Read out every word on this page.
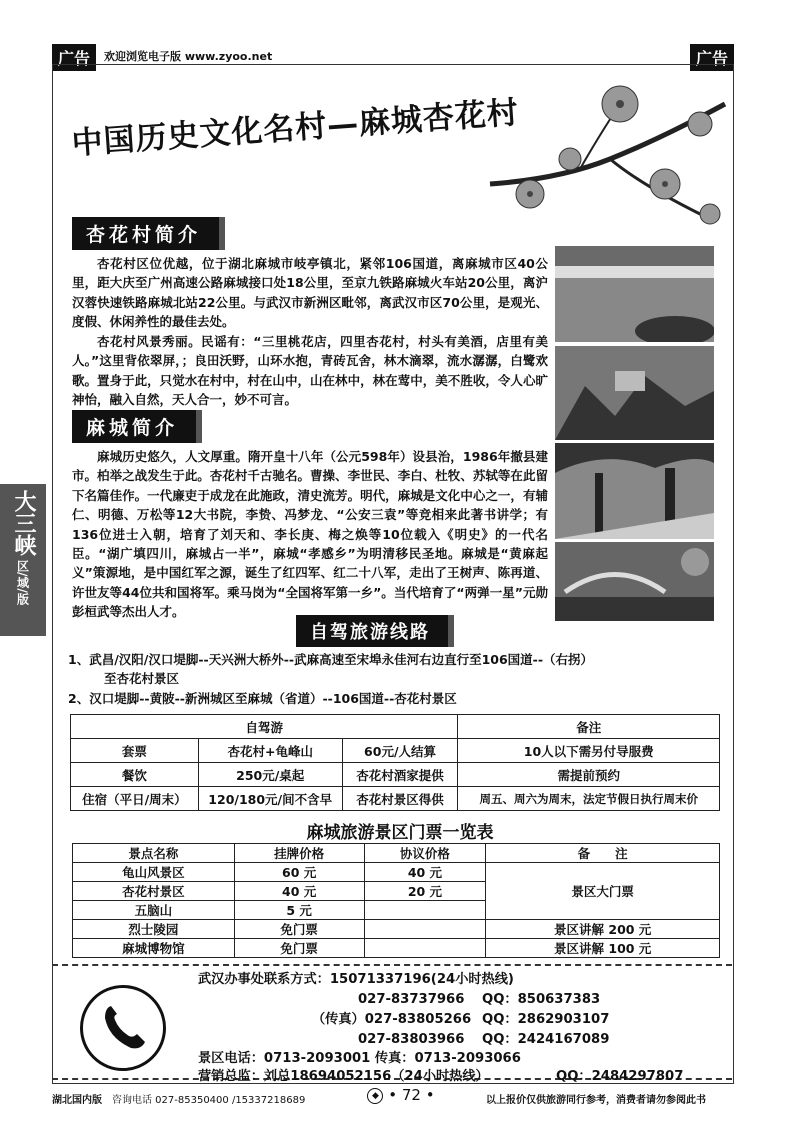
广告	欢迎浏览电子版 www.zyoo.net	广告
中国历史文化名村—麻城杏花村
杏花村简介
杏花村区位优越，位于湖北麻城市岐亭镇北，紧邻106国道，离麻城市区40公里，距大庆至广州高速公路麻城接口处18公里，至京九铁路麻城火车站20公里，离沪汉蓉快速铁路麻城北站22公里。与武汉市新洲区毗邻，离武汉市区70公里，是观光、度假、休闲养性的最佳去处。
杏花村风景秀丽。民谣有：“三里桃花店，四里杏花村，村头有美酒，店里有美人。”这里背依翠屏，；良田沃野，山环水抱，青砖瓦舍，林木滴翠，流水潺潺，白鹭欢歌。置身于此，只觉水在村中，村在山中，山在林中，林在莺中，美不胜收，令人心旷神怡，融入自然，天人合一，妙不可言。
麻城简介
麻城历史悠久，人文厚重。隋开皇十八年（公元598年）设县治，1986年撤县建市。柏举之战发生于此。杏花村千古驰名。曹操、李世民、李白、杜牧、苏轼等在此留下名篇佳作。一代廉吏于成龙在此施政，清史流芳。明代，麻城是文化中心之一，有辅仁、明德、万松等12大书院，李贽、冯梦龙、“公安三袁”等竞相来此著书讲学；有136位进士入朝，培育了刘天和、李长庚、梅之焕等10位载入《明史》的一代名臣。“湖广填四川，麻城占一半”，麻城“孝感乡”为明清移民圣地。麻城是“黄麻起义”策源地，是中国红军之源，诞生了红四军、红二十八军，走出了王树声、陈再道、许世友等44位共和国将军。乘马岗为“全国将军第一乡”。当代培育了“两弹一星”元勋彭桓武等杰出人才。
大三峡
区/域/版
自驾旅游线路
1、武昌/汉阳/汉口堤脚--天兴洲大桥外--武麻高速至宋埠永佳河右边直行至106国道--（右拐）
至杏花村景区
2、汉口堤脚--黄陂--新洲城区至麻城（省道）--106国道--杏花村景区
自驾游			备注
套票	杏花村+龟峰山	60元/人结算	10人以下需另付导服费
餐饮	250元/桌起	杏花村酒家提供	需提前预约
住宿（平日/周末）	120/180元/间不含早	杏花村景区得供	周五、周六为周末，法定节假日执行周末价
麻城旅游景区门票一览表
景点名称	挂牌价格	协议价格	备　　注
龟山风景区	60 元	40 元	景区大门票
杏花村景区	40 元	20 元	
五脑山	5 元		
烈士陵园	免门票		景区讲解 200 元
麻城博物馆	免门票		景区讲解 100 元
武汉办事处联系方式：15071337196(24小时热线)
027-83737966 QQ：850637383
（传真）027-83805266 QQ：2862903107
027-83803966 QQ：2424167089
景区电话：0713-2093001 传真：0713-2093066
营销总监：刘总18694052156（24小时热线）	QQ：2484297807
湖北国内版 咨询电话 027-85350400 /15337218689	◆ • 72 •	以上报价仅供旅游同行参考，消费者请勿参阅此书
